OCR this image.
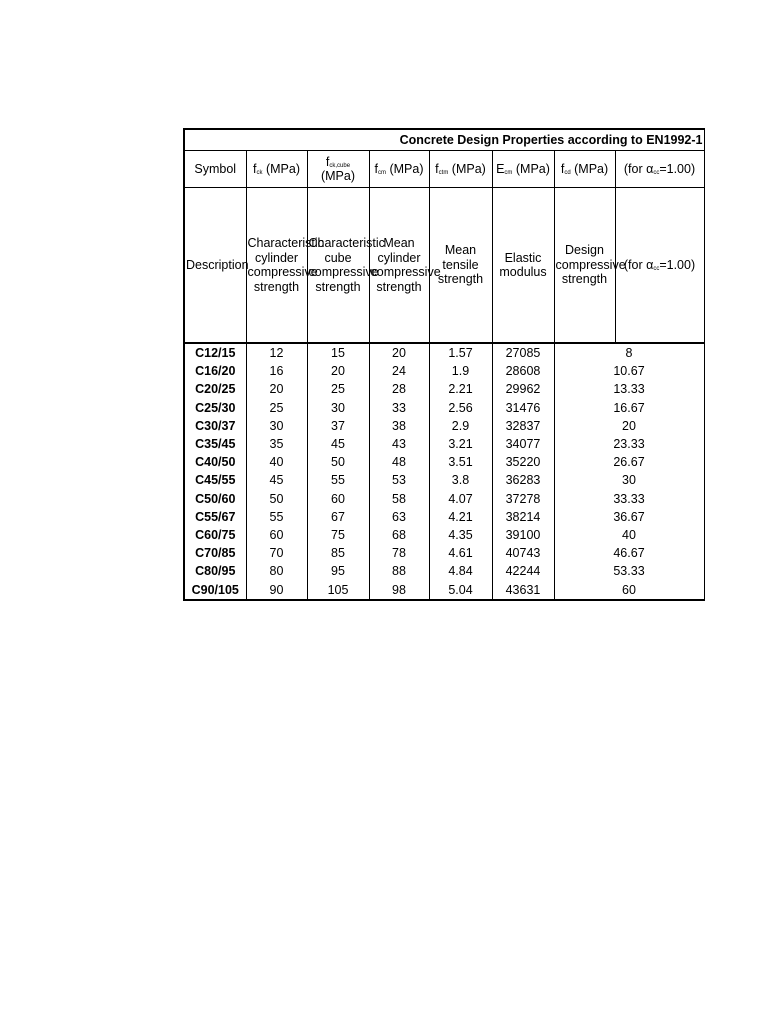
Concrete Design Properties according to EN1992-1							
Symbol	$f_{ck}$ (MPa)	$f_{ck,cube}$ (MPa)	$f_{cm}$ (MPa)	$f_{ctm}$ (MPa)	$E_{cm}$ (MPa)	$f_{cd}$ (MPa)	(for $\alpha_{cc}=1.00$)
Description	Characteristic cylinder compressive strength	Characteristic cube compressive strength	Mean cylinder compressive strength	Mean tensile strength	Elastic modulus	Design compressive strength	(for $\alpha_{cc}=1.00$)
C12/15	12	15	20	1.57	27085	8	
C16/20	16	20	24	1.9	28608	10.67	
C20/25	20	25	28	2.21	29962	13.33	
C25/30	25	30	33	2.56	31476	16.67	
C30/37	30	37	38	2.9	32837	20	
C35/45	35	45	43	3.21	34077	23.33	
C40/50	40	50	48	3.51	35220	26.67	
C45/55	45	55	53	3.8	36283	30	
C50/60	50	60	58	4.07	37278	33.33	
C55/67	55	67	63	4.21	38214	36.67	
C60/75	60	75	68	4.35	39100	40	
C70/85	70	85	78	4.61	40743	46.67	
C80/95	80	95	88	4.84	42244	53.33	
C90/105	90	105	98	5.04	43631	60	
